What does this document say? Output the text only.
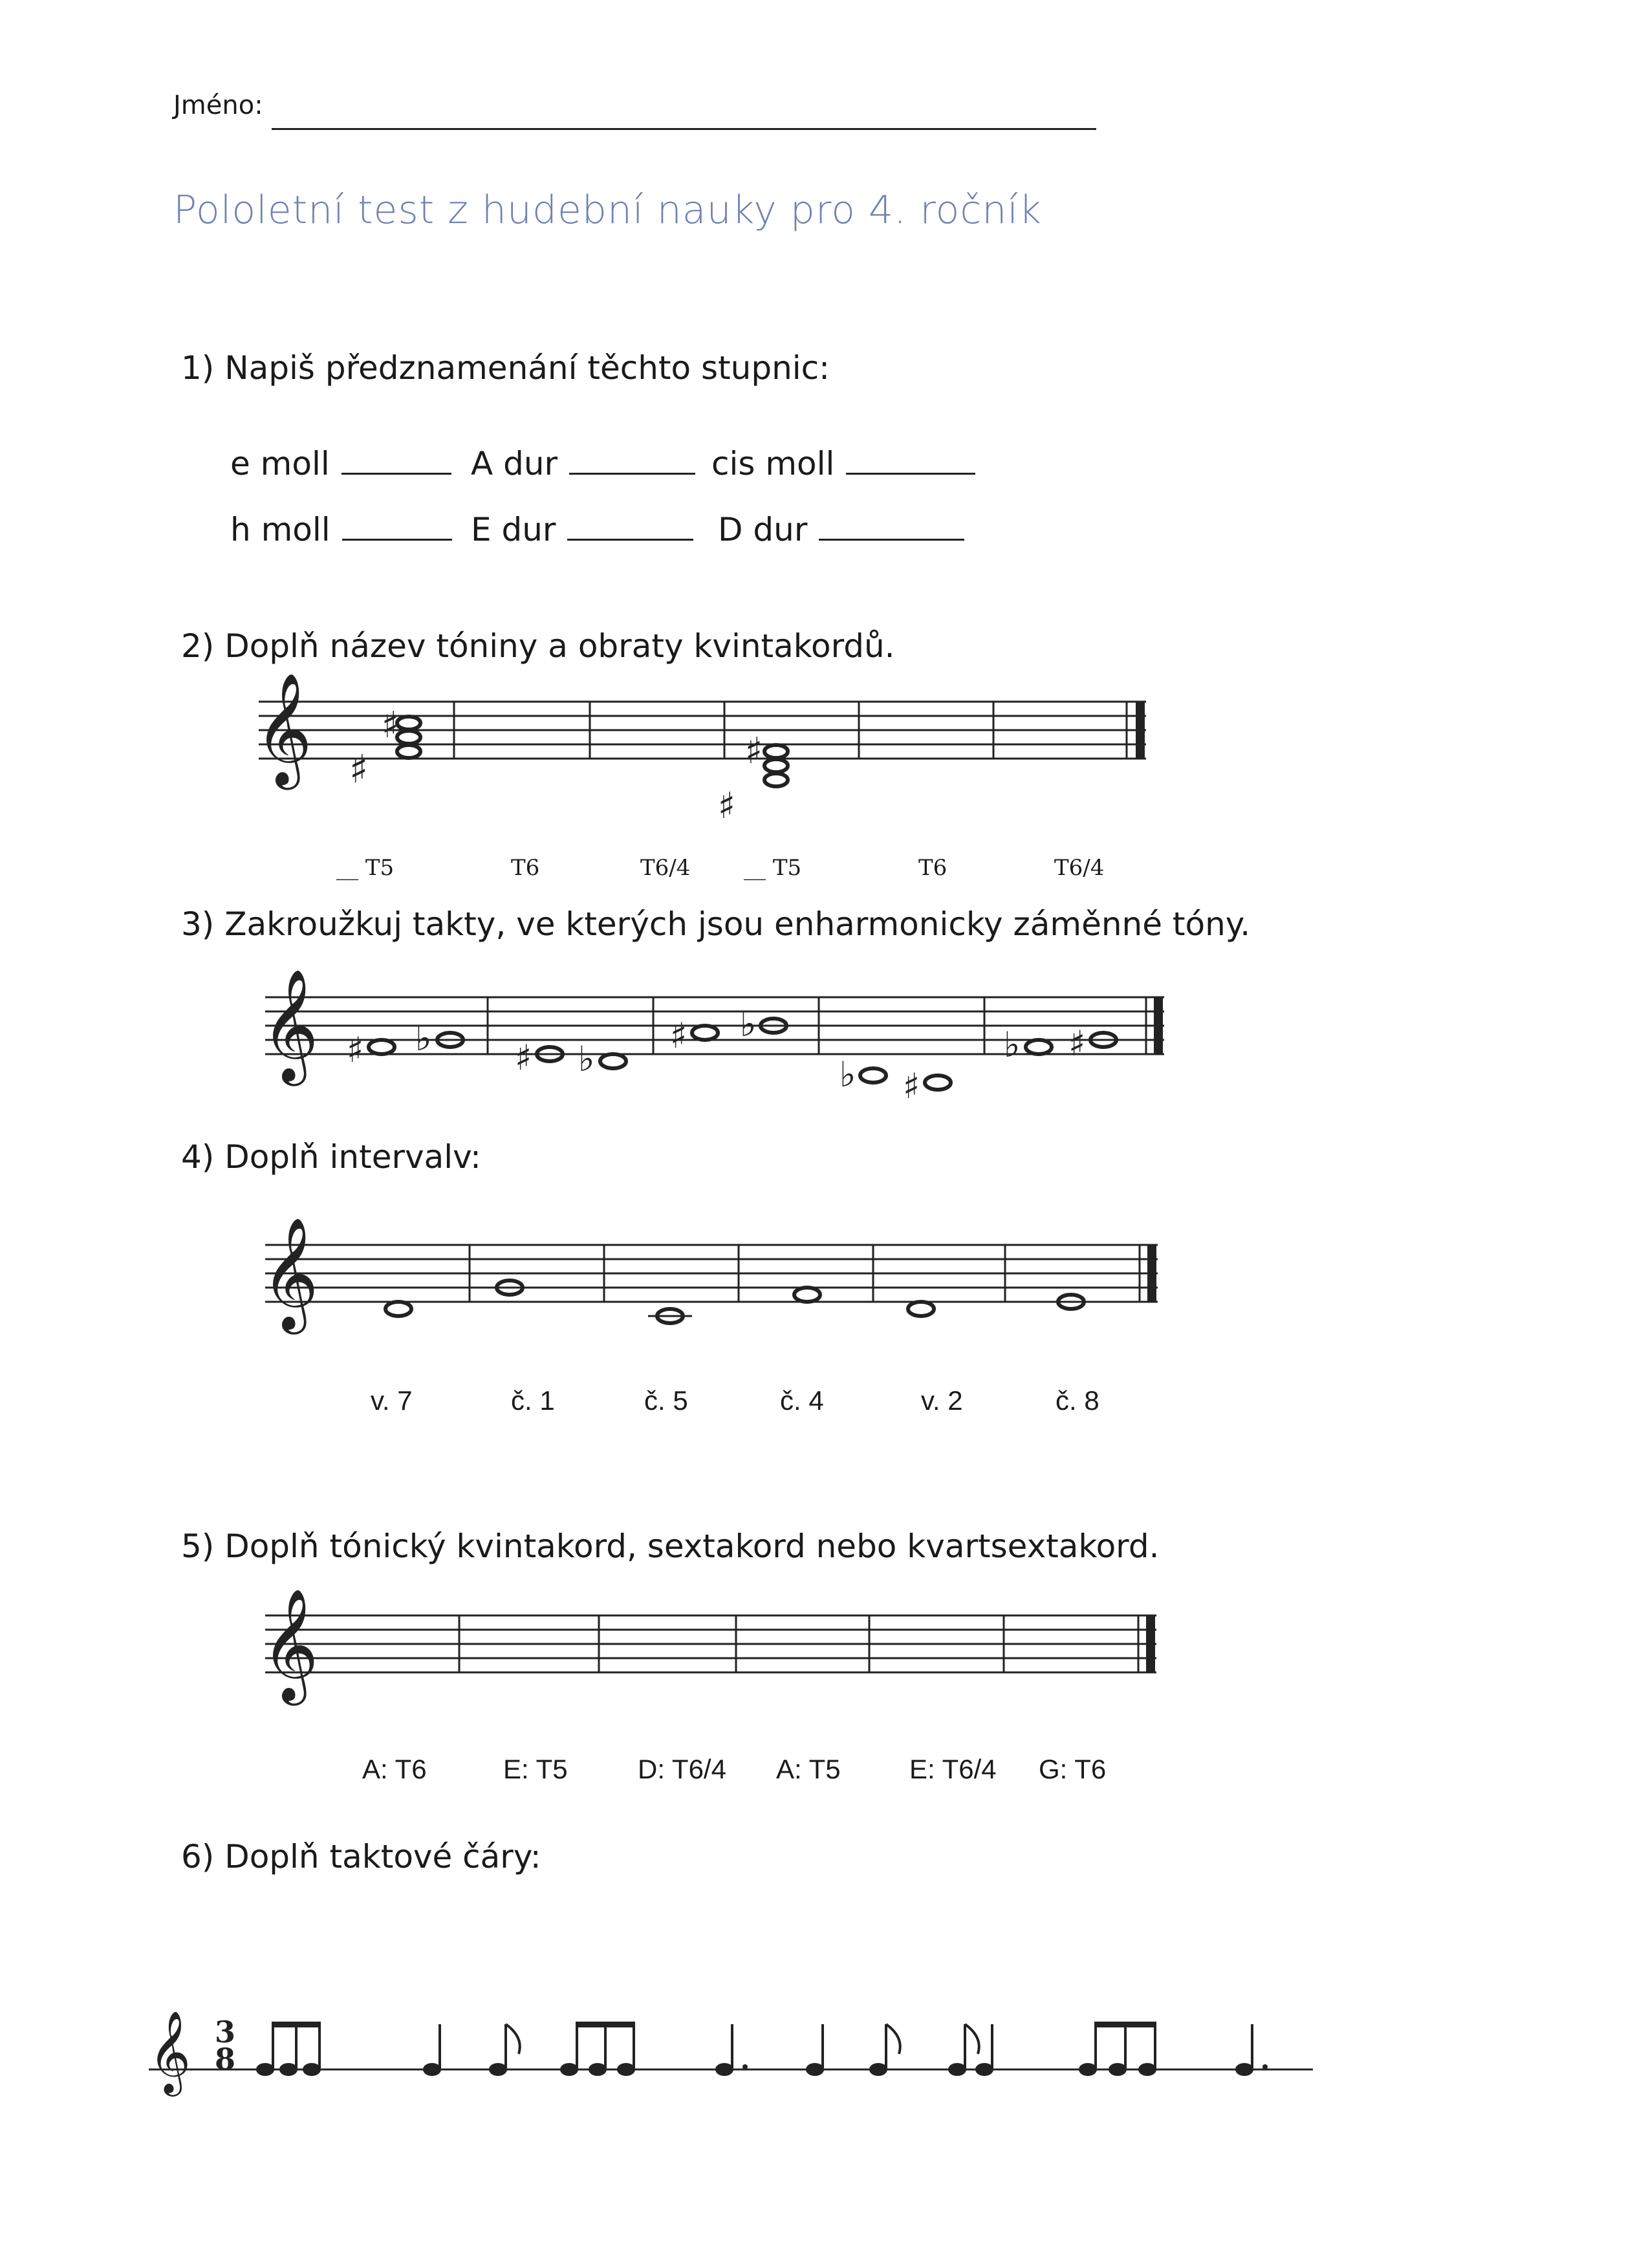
Jméno:
Pololetní test z hudební nauky pro 4. ročník
1) Napiš předznamenání těchto stupnic:
e moll	A dur	cis moll
h moll	E dur	D dur
2) Doplň název tóniny a obraty kvintakordů.
𝄞 ♯
♯
♯
♯
__ T5	T6	T6/4 __ T5	T6	T6/4
3) Zakroužkuj takty, ve kterých jsou enharmonicky záměnné tóny.
𝄞 ♯ ♭ ♯ ♭
♯ ♭
♭ ♯
♭ ♯
4) Doplň intervalv:
𝄞
v. 7	č. 1	č. 5	č. 4	v. 2	č. 8
5) Doplň tónický kvintakord, sextakord nebo kvartsextakord.
𝄞
A: T6	E: T5	D: T6/4 A: T5	E: T6/4 G: T6
6) Doplň taktové čáry:
𝄞 3
8
